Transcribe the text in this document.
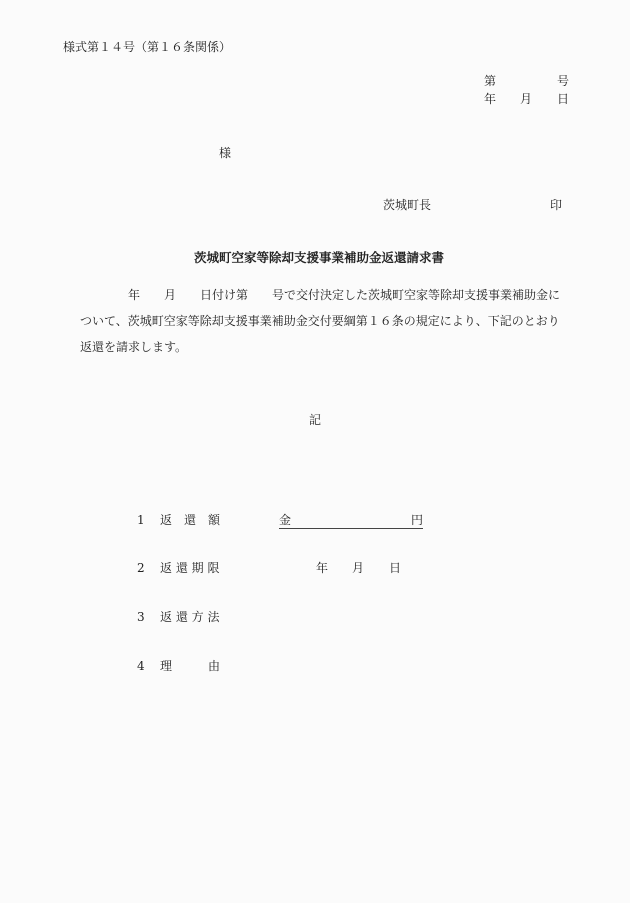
様式第１４号（第１６条関係）
第	号
年 月 日
様
茨城町長	印
茨城町空家等除却支援事業補助金返還請求書
　　　　年　　月　　日付け第　　号で交付決定した茨城町空家等除却支援事業補助金に
ついて、茨城町空家等除却支援事業補助金交付要綱第１６条の規定により、下記のとおり
返還を請求します。
記
1 返　還　額	金	円
2 返 還 期 限	年 月 日
3 返 還 方 法
4 理　　　由
